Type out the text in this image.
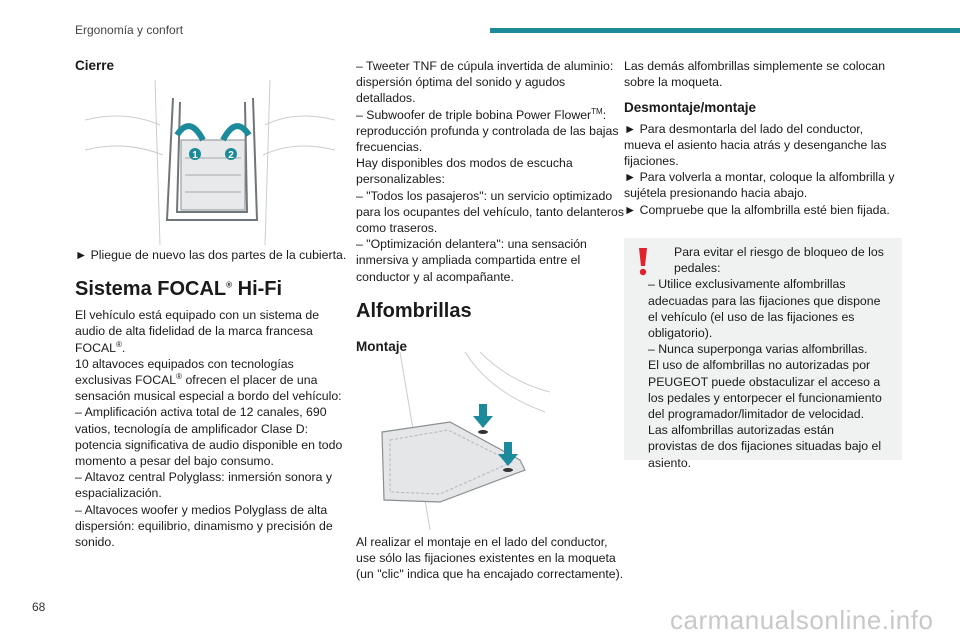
Ergonomía y confort

Cierre

1	2

► Pliegue de nuevo las dos partes de la cubierta.

Sistema FOCAL® Hi-Fi

El vehículo está equipado con un sistema de audio de alta fidelidad de la marca francesa FOCAL®.

10 altavoces equipados con tecnologías exclusivas FOCAL® ofrecen el placer de una sensación musical especial a bordo del vehículo:

– Amplificación activa total de 12 canales, 690 vatios, tecnología de amplificador Clase D: potencia significativa de audio disponible en todo momento a pesar del bajo consumo.

– Altavoz central Polyglass: inmersión sonora y espacialización.

– Altavoces woofer y medios Polyglass de alta dispersión: equilibrio, dinamismo y precisión de sonido.

– Tweeter TNF de cúpula invertida de aluminio: dispersión óptima del sonido y agudos detallados.

– Subwoofer de triple bobina Power Flower™: reproducción profunda y controlada de las bajas frecuencias.

Hay disponibles dos modos de escucha personalizables:

– "Todos los pasajeros": un servicio optimizado para los ocupantes del vehículo, tanto delanteros como traseros.

– "Optimización delantera": una sensación inmersiva y ampliada compartida entre el conductor y al acompañante.

Alfombrillas

Montaje

Al realizar el montaje en el lado del conductor, use sólo las fijaciones existentes en la moqueta (un "clic" indica que ha encajado correctamente).

Las demás alfombrillas simplemente se colocan sobre la moqueta.

Desmontaje/montaje

► Para desmontarla del lado del conductor, mueva el asiento hacia atrás y desenganche las fijaciones.

► Para volverla a montar, coloque la alfombrilla y sujétela presionando hacia abajo.

► Compruebe que la alfombrilla esté bien fijada.

Para evitar el riesgo de bloqueo de los pedales:

– Utilice exclusivamente alfombrillas adecuadas para las fijaciones que dispone el vehículo (el uso de las fijaciones es obligatorio).

– Nunca superponga varias alfombrillas.

El uso de alfombrillas no autorizadas por PEUGEOT puede obstaculizar el acceso a los pedales y entorpecer el funcionamiento del programador/limitador de velocidad.

Las alfombrillas autorizadas están provistas de dos fijaciones situadas bajo el asiento.

68	carmanualsonline.info
